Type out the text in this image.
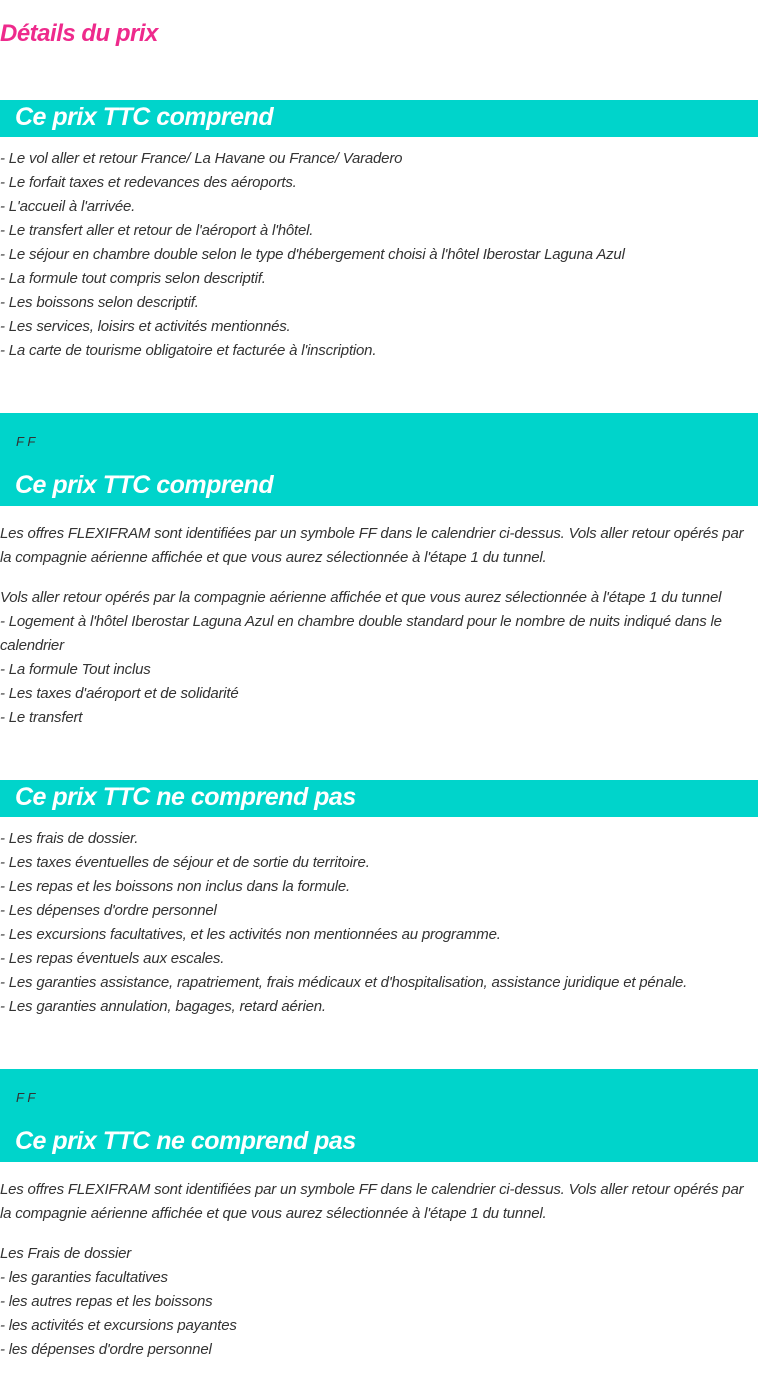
Détails du prix
Ce prix TTC comprend
- Le vol aller et retour France/ La Havane ou France/ Varadero
- Le forfait taxes et redevances des aéroports.
- L'accueil à l'arrivée.
- Le transfert aller et retour de l'aéroport à l'hôtel.
- Le séjour en chambre double selon le type d'hébergement choisi à l'hôtel Iberostar Laguna Azul
- La formule tout compris selon descriptif.
- Les boissons selon descriptif.
- Les services, loisirs et activités mentionnés.
- La carte de tourisme obligatoire et facturée à l'inscription.
F F
Ce prix TTC comprend

Les offres FLEXIFRAM sont identifiées par un symbole FF dans le calendrier ci-dessus. Vols aller retour opérés par la compagnie aérienne affichée et que vous aurez sélectionnée à l'étape 1 du tunnel.

Vols aller retour opérés par la compagnie aérienne affichée et que vous aurez sélectionnée à l'étape 1 du tunnel
- Logement à l'hôtel Iberostar Laguna Azul en chambre double standard pour le nombre de nuits indiqué dans le
calendrier
- La formule Tout inclus
- Les taxes d'aéroport et de solidarité
- Le transfert
Ce prix TTC ne comprend pas
- Les frais de dossier.
- Les taxes éventuelles de séjour et de sortie du territoire.
- Les repas et les boissons non inclus dans la formule.
- Les dépenses d'ordre personnel
- Les excursions facultatives, et les activités non mentionnées au programme.
- Les repas éventuels aux escales.
- Les garanties assistance, rapatriement, frais médicaux et d'hospitalisation, assistance juridique et pénale.
- Les garanties annulation, bagages, retard aérien.
F F
Ce prix TTC ne comprend pas

Les offres FLEXIFRAM sont identifiées par un symbole FF dans le calendrier ci-dessus. Vols aller retour opérés par la compagnie aérienne affichée et que vous aurez sélectionnée à l'étape 1 du tunnel.

Les Frais de dossier
- les garanties facultatives
- les autres repas et les boissons
- les activités et excursions payantes
- les dépenses d'ordre personnel
